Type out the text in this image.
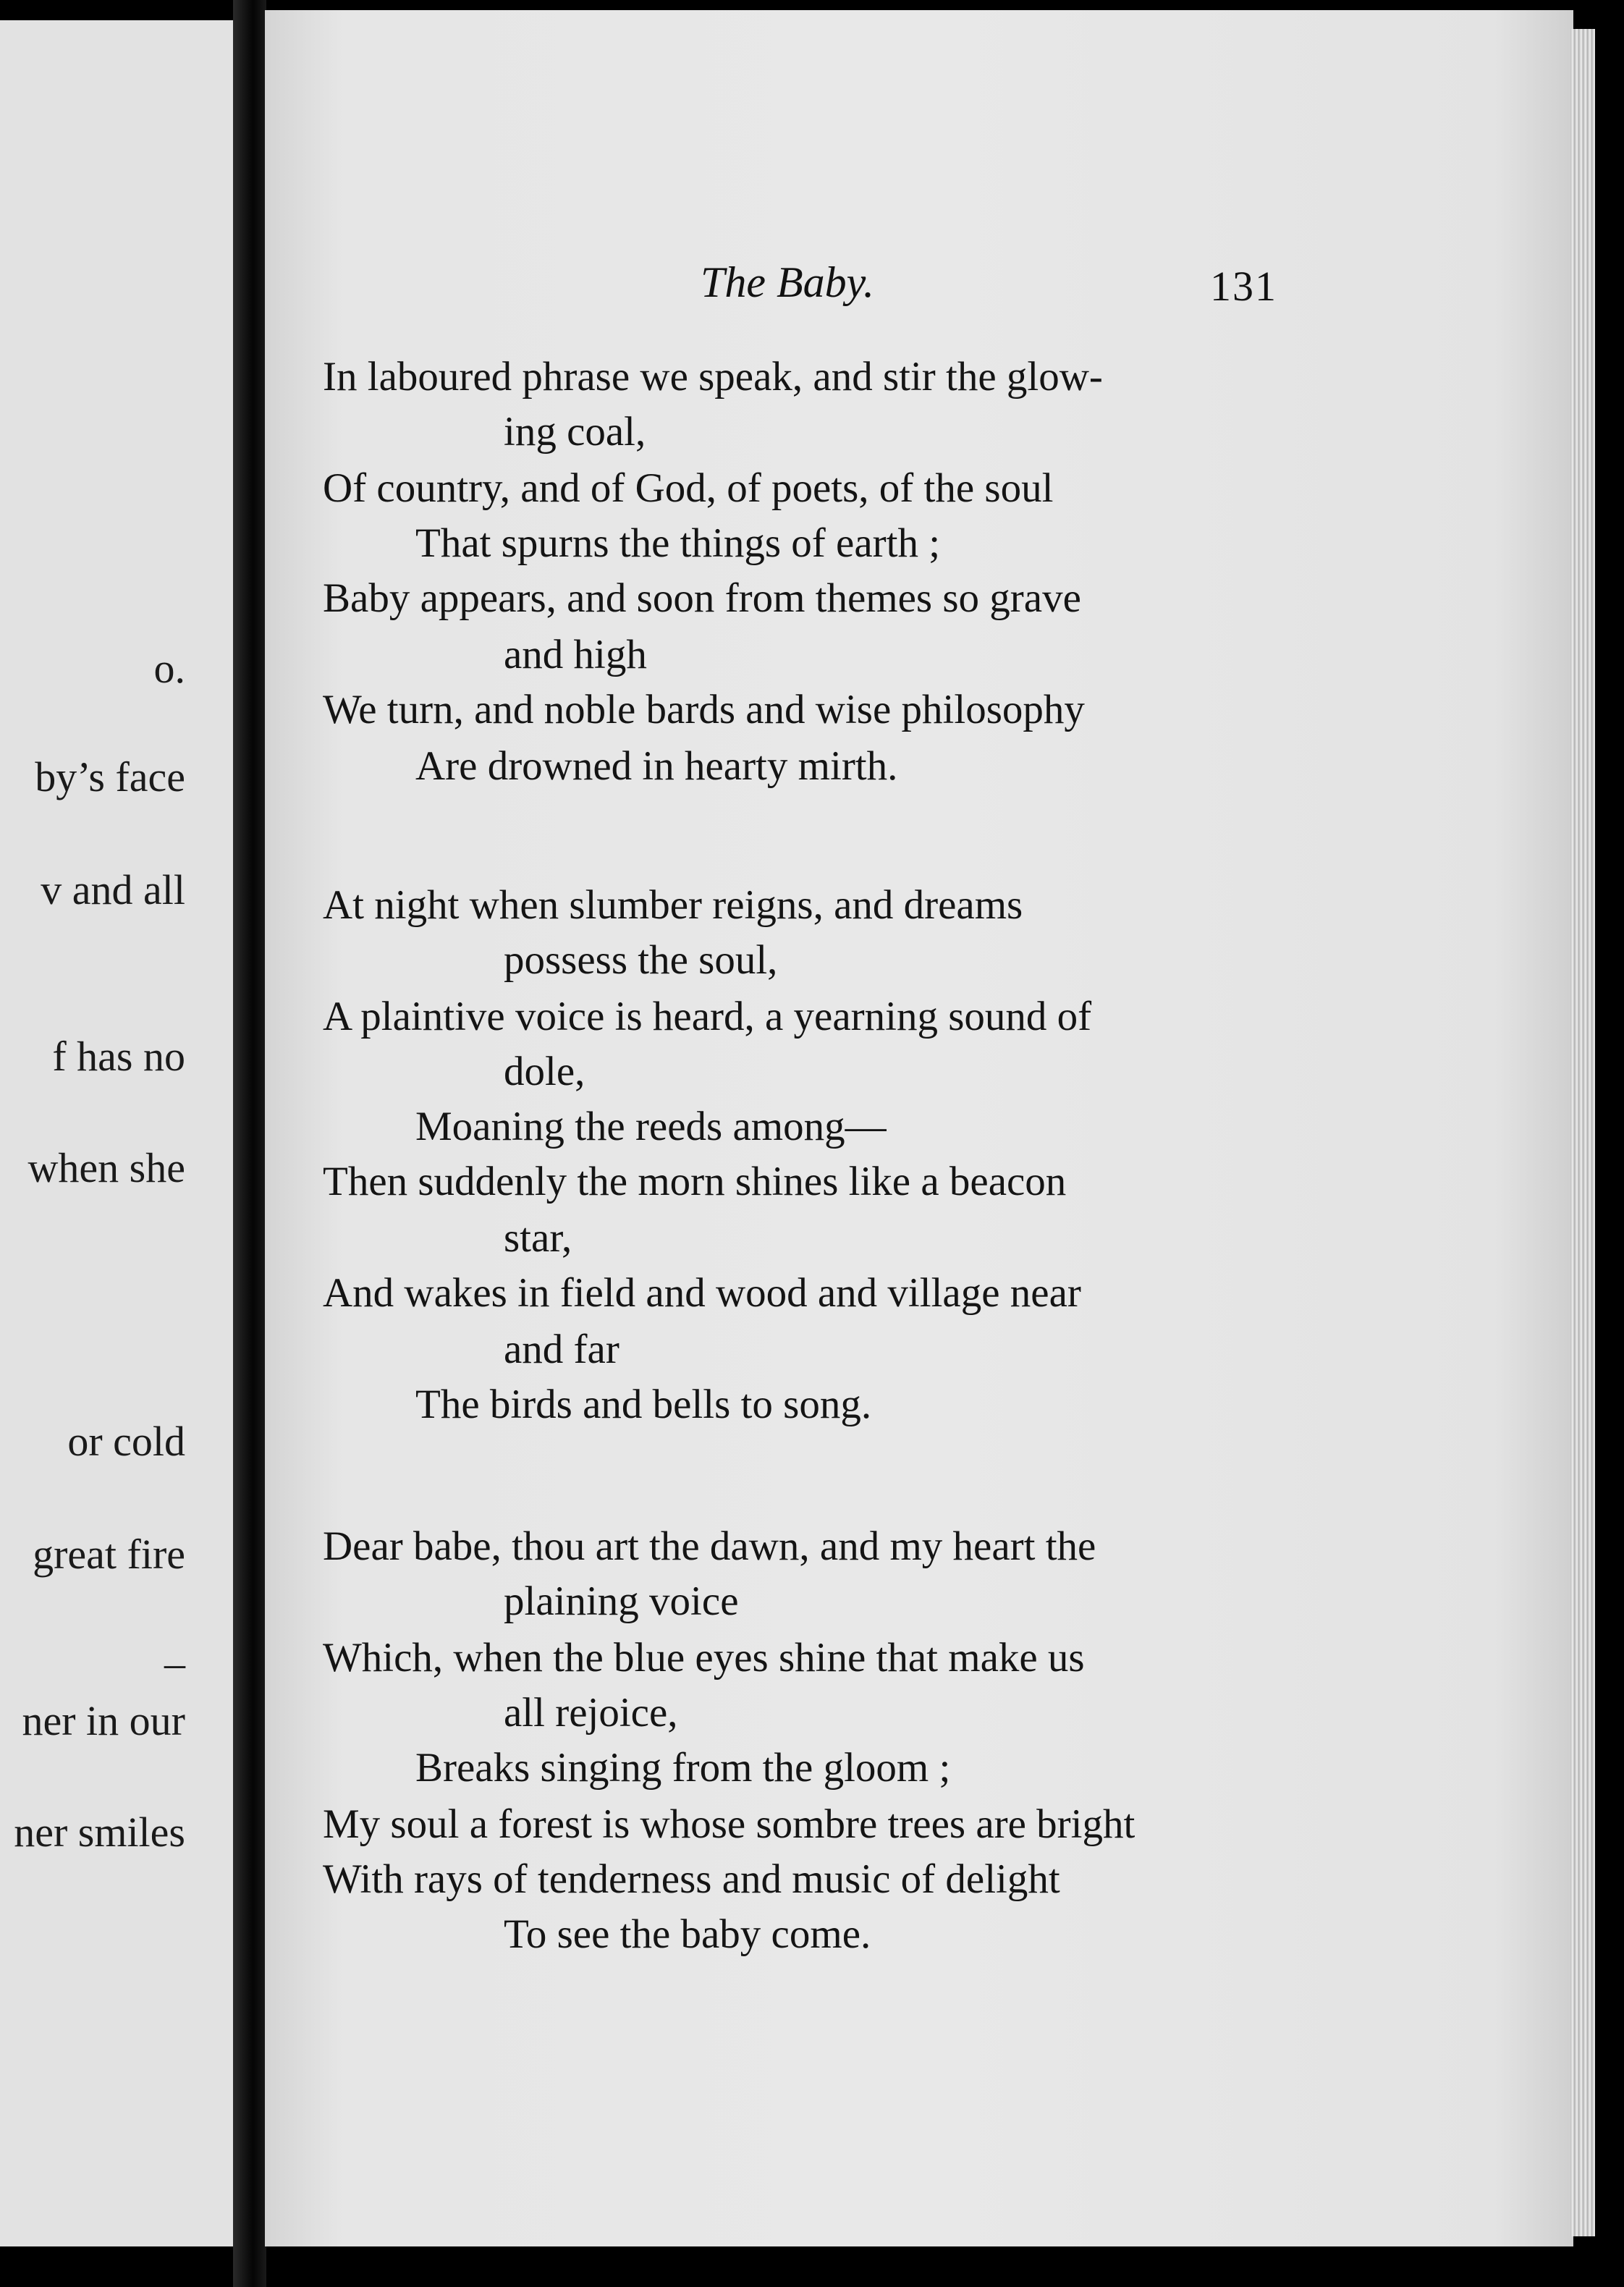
o.
by’s face
v and all
f has no
when she
or cold
great fire
–
ner in our
ner smiles
The Baby.	131
In laboured phrase we speak, and stir the glow-
ing coal,
Of country, and of God, of poets, of the soul
That spurns the things of earth ;
Baby appears, and soon from themes so grave
and high
We turn, and noble bards and wise philosophy
Are drowned in hearty mirth.
At night when slumber reigns, and dreams
possess the soul,
A plaintive voice is heard, a yearning sound of
dole,
Moaning the reeds among—
Then suddenly the morn shines like a beacon
star,
And wakes in field and wood and village near
and far
The birds and bells to song.
Dear babe, thou art the dawn, and my heart the
plaining voice
Which, when the blue eyes shine that make us
all rejoice,
Breaks singing from the gloom ;
My soul a forest is whose sombre trees are bright
With rays of tenderness and music of delight
To see the baby come.
